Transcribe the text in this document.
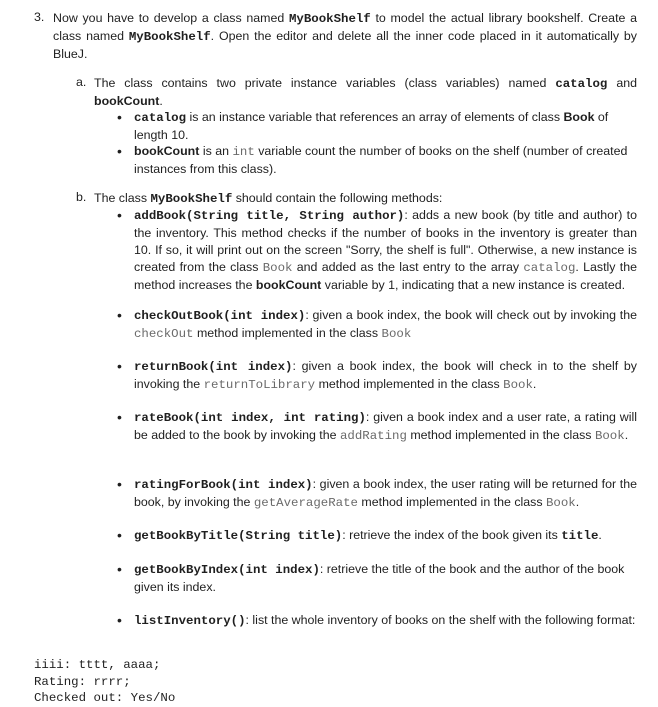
3. Now you have to develop a class named MyBookShelf to model the actual library bookshelf. Create a class named MyBookShelf. Open the editor and delete all the inner code placed in it automatically by BlueJ.
a. The class contains two private instance variables (class variables) named catalog and bookCount.
• catalog is an instance variable that references an array of elements of class Book of length 10.
• bookCount is an int variable count the number of books on the shelf (number of created instances from this class).
b. The class MyBookShelf should contain the following methods:
• addBook(String title, String author): adds a new book (by title and author) to the inventory. This method checks if the number of books in the inventory is greater than 10. If so, it will print out on the screen "Sorry, the shelf is full". Otherwise, a new instance is created from the class Book and added as the last entry to the array catalog. Lastly the method increases the bookCount variable by 1, indicating that a new instance is created.
• checkOutBook(int index): given a book index, the book will check out by invoking the checkOut method implemented in the class Book
• returnBook(int index): given a book index, the book will check in to the shelf by invoking the returnToLibrary method implemented in the class Book.
• rateBook(int index, int rating): given a book index and a user rate, a rating will be added to the book by invoking the addRating method implemented in the class Book.
• ratingForBook(int index): given a book index, the user rating will be returned for the book, by invoking the getAverageRate method implemented in the class Book.
• getBookByTitle(String title): retrieve the index of the book given its title.
• getBookByIndex(int index): retrieve the title of the book and the author of the book given its index.
• listInventory(): list the whole inventory of books on the shelf with the following format:
iiii: tttt, aaaa;
Rating: rrrr;
Checked out: Yes/No
